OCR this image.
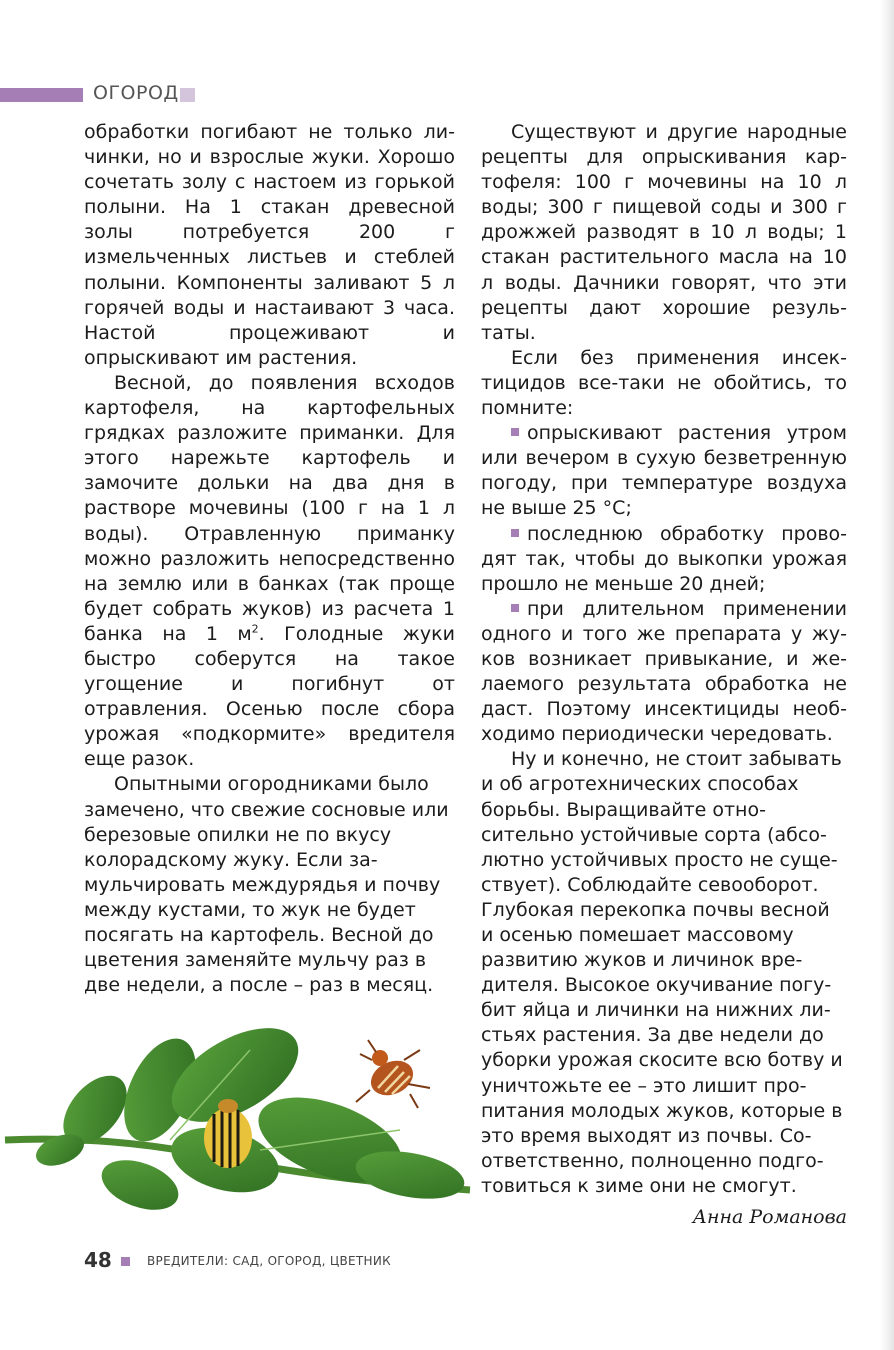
ОГОРОД

обработки погибают не только личинки, но и взрослые жуки. Хорошо сочетать золу с настоем из горькой полыни. На 1 стакан древесной золы потребуется 200 г измельченных листьев и стеблей полыни. Компоненты заливают 5 л горячей воды и настаивают 3 часа. Настой процеживают и опрыскивают им растения.

Весной, до появления всходов картофеля, на картофельных грядках разложите приманки. Для этого нарежьте картофель и замочите дольки на два дня в растворе мочевины (100 г на 1 л воды). Отравленную приманку можно разложить непосредственно на землю или в банках (так проще будет собрать жуков) из расчета 1 банка на 1 $м^2$. Голодные жуки быстро соберутся на такое угощение и погибнут от отравления. Осенью после сбора урожая «подкормите» вредителя еще разок.

Опытными огородниками было замечено, что свежие сосновые или березовые опилки не по вкусу колорадскому жуку. Если замульчировать междурядья и почву между кустами, то жук не будет посягать на картофель. Весной до цветения заменяйте мульчу раз в две недели, а после – раз в месяц.

Существуют и другие народные рецепты для опрыскивания картофеля: 100 г мочевины на 10 л воды; 300 г пищевой соды и 300 г дрожжей разводят в 10 л воды; 1 стакан растительного масла на 10 л воды. Дачники говорят, что эти рецепты дают хорошие результаты.

Если без применения инсектицидов все-таки не обойтись, то помните:

опрыскивают растения утром или вечером в сухую безветренную погоду, при температуре воздуха не выше 25 °С;

последнюю обработку проводят так, чтобы до выкопки урожая прошло не меньше 20 дней;

при длительном применении одного и того же препарата у жуков возникает привыкание, и желаемого результата обработка не даст. Поэтому инсектициды необходимо периодически чередовать.

Ну и конечно, не стоит забывать и об агротехнических способах борьбы. Выращивайте относительно устойчивые сорта (абсолютно устойчивых просто не существует). Соблюдайте севооборот. Глубокая перекопка почвы весной и осенью помешает массовому развитию жуков и личинок вредителя. Высокое окучивание погубит яйца и личинки на нижних листьях растения. За две недели до уборки урожая скосите всю ботву и уничтожьте ее – это лишит пропитания молодых жуков, которые в это время выходят из почвы. Соответственно, полноценно подготовиться к зиме они не смогут.

Анна Романова
48	ВРЕДИТЕЛИ: САД, ОГОРОД, ЦВЕТНИК
